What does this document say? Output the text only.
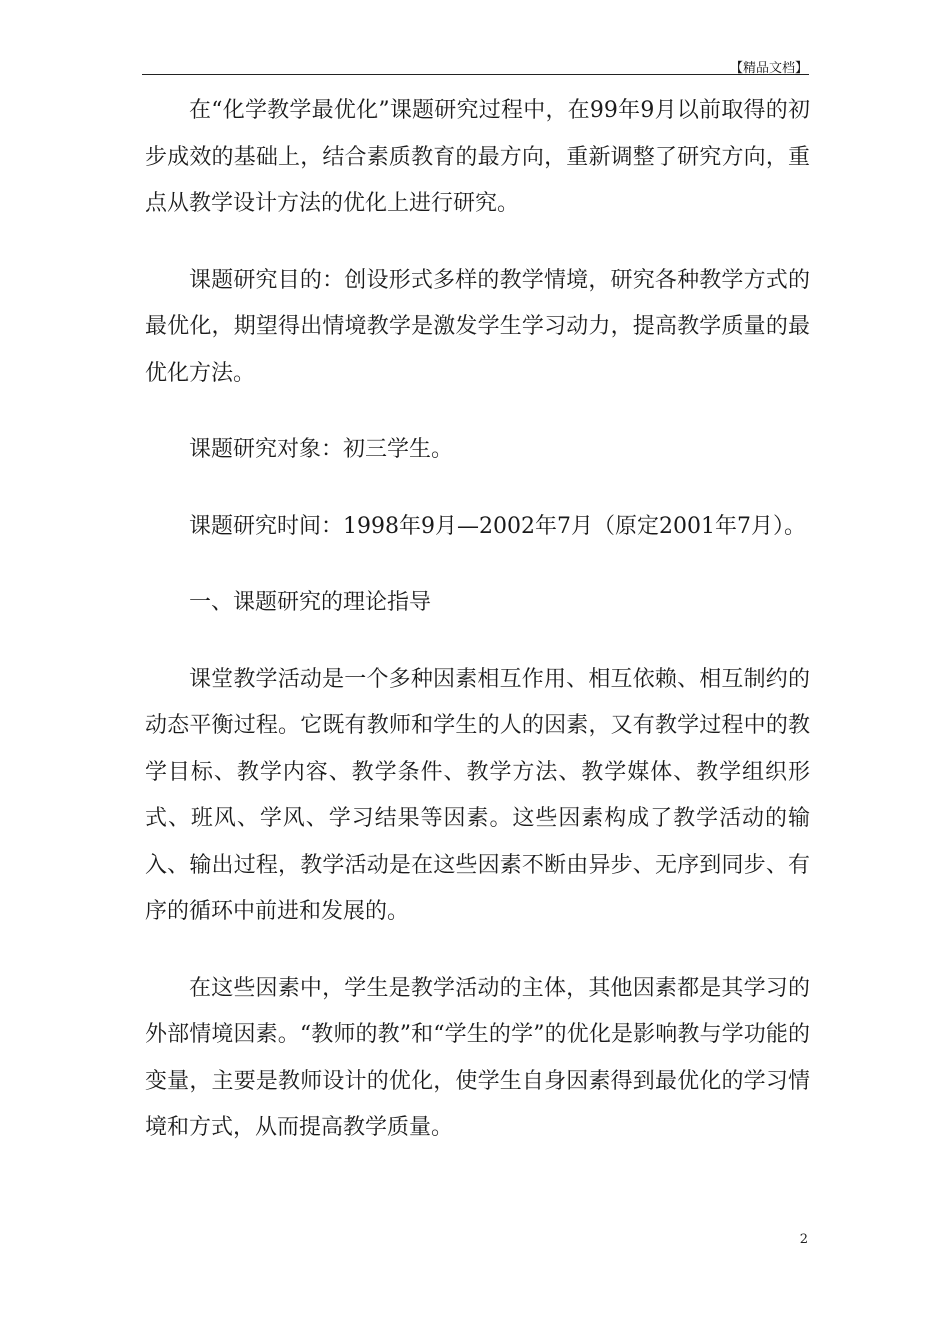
【精品文档】

在“化学教学最优化”课题研究过程中，在99年9月以前取得的初步成效的基础上，结合素质教育的最方向，重新调整了研究方向，重点从教学设计方法的优化上进行研究。

课题研究目的：创设形式多样的教学情境，研究各种教学方式的最优化，期望得出情境教学是激发学生学习动力，提高教学质量的最优化方法。

课题研究对象：初三学生。

课题研究时间：1998年9月—2002年7月（原定2001年7月）。

一、课题研究的理论指导

课堂教学活动是一个多种因素相互作用、相互依赖、相互制约的动态平衡过程。它既有教师和学生的人的因素，又有教学过程中的教学目标、教学内容、教学条件、教学方法、教学媒体、教学组织形式、班风、学风、学习结果等因素。这些因素构成了教学活动的输入、输出过程，教学活动是在这些因素不断由异步、无序到同步、有序的循环中前进和发展的。

在这些因素中，学生是教学活动的主体，其他因素都是其学习的外部情境因素。“教师的教”和“学生的学”的优化是影响教与学功能的变量，主要是教师设计的优化，使学生自身因素得到最优化的学习情境和方式，从而提高教学质量。

2
